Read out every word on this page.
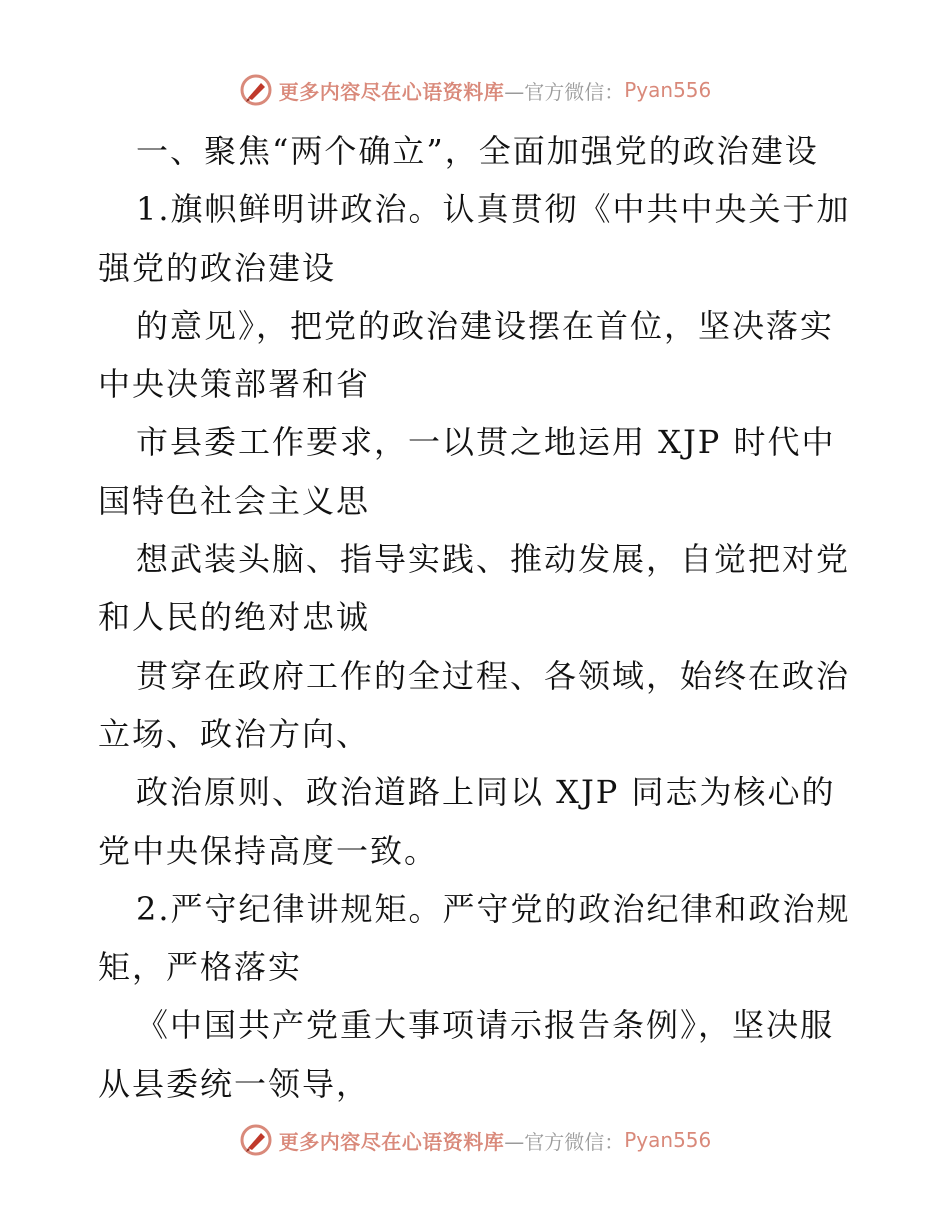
更多内容尽在心语资料库 —官方微信： Pyan556
一、聚焦“两个确立”，全面加强党的政治建设
1.旗帜鲜明讲政治。认真贯彻《中共中央关于加
强党的政治建设
的意见》，把党的政治建设摆在首位，坚决落实
中央决策部署和省
市县委工作要求，一以贯之地运用 XJP 时代中
国特色社会主义思
想武装头脑、指导实践、推动发展，自觉把对党
和人民的绝对忠诚
贯穿在政府工作的全过程、各领域，始终在政治
立场、政治方向、
政治原则、政治道路上同以 XJP 同志为核心的
党中央保持高度一致。
2.严守纪律讲规矩。严守党的政治纪律和政治规
矩，严格落实
《中国共产党重大事项请示报告条例》，坚决服
从县委统一领导，
更多内容尽在心语资料库 —官方微信： Pyan556
